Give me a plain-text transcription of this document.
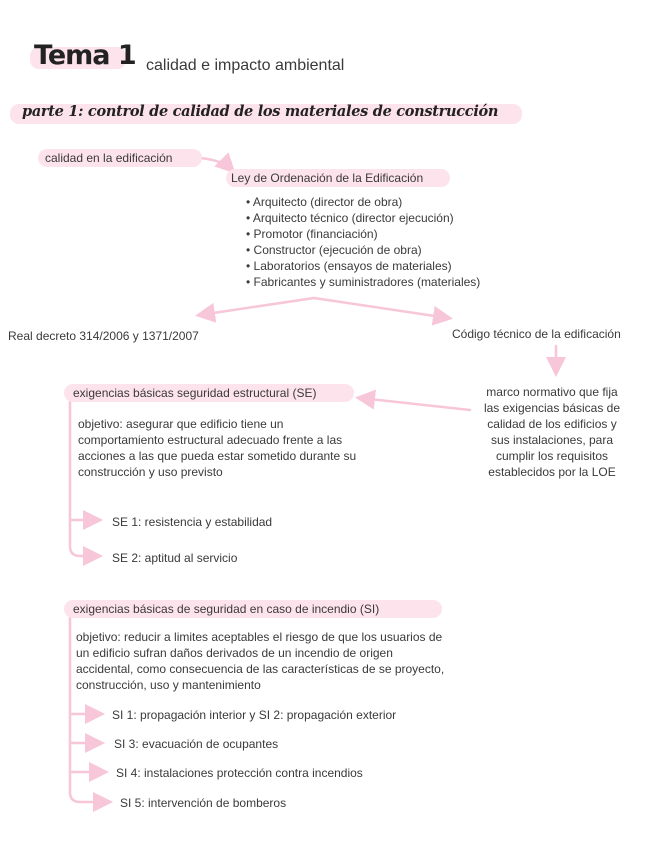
Tema 1 calidad e impacto ambiental
parte 1: control de calidad de los materiales de construcción
calidad en la edificación
Ley de Ordenación de la Edificación
• Arquitecto (director de obra)
• Arquitecto técnico (director ejecución)
• Promotor (financiación)
• Constructor (ejecución de obra)
• Laboratorios (ensayos de materiales)
• Fabricantes y suministradores (materiales)
Real decreto 314/2006 y 1371/2007	Código técnico de la edificación
marco normativo que fija
las exigencias básicas de
calidad de los edificios y
sus instalaciones, para
cumplir los requisitos
establecidos por la LOE
exigencias básicas seguridad estructural (SE)
objetivo: asegurar que edificio tiene un
comportamiento estructural adecuado frente a las
acciones a las que pueda estar sometido durante su
construcción y uso previsto
SE 1: resistencia y estabilidad
SE 2: aptitud al servicio
exigencias básicas de seguridad en caso de incendio (SI)
objetivo: reducir a limites aceptables el riesgo de que los usuarios de
un edificio sufran daños derivados de un incendio de origen
accidental, como consecuencia de las características de se proyecto,
construcción, uso y mantenimiento
SI 1: propagación interior y SI 2: propagación exterior
SI 3: evacuación de ocupantes
SI 4: instalaciones protección contra incendios
SI 5: intervención de bomberos
